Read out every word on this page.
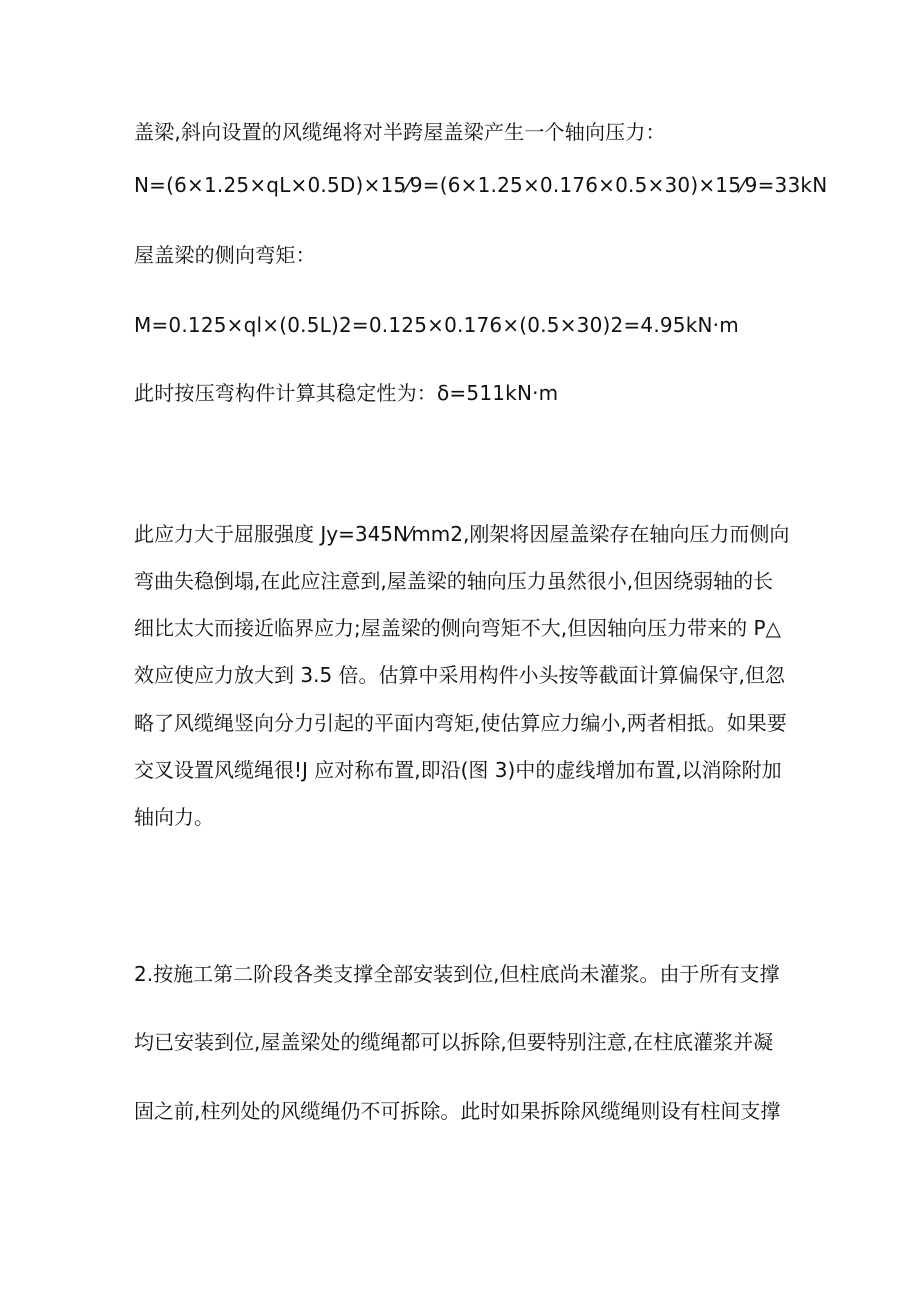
盖梁,斜向设置的风缆绳将对半跨屋盖梁产生一个轴向压力：
N=(6×1.25×qL×0.5D)×15⁄9=(6×1.25×0.176×0.5×30)×15⁄9=33kN
屋盖梁的侧向弯矩：
M=0.125×ql×(0.5L)2=0.125×0.176×(0.5×30)2=4.95kN·m
此时按压弯构件计算其稳定性为：δ=511kN·m
此应力大于屈服强度 Jy=345N⁄mm2,刚架将因屋盖梁存在轴向压力而侧向
弯曲失稳倒塌,在此应注意到,屋盖梁的轴向压力虽然很小,但因绕弱轴的长
细比太大而接近临界应力;屋盖梁的侧向弯矩不大,但因轴向压力带来的 P△
效应使应力放大到 3.5 倍。估算中采用构件小头按等截面计算偏保守,但忽
略了风缆绳竖向分力引起的平面内弯矩,使估算应力编小,两者相抵。如果要
交叉设置风缆绳很!J 应对称布置,即沿(图 3)中的虚线增加布置,以消除附加
轴向力。
2.按施工第二阶段各类支撑全部安装到位,但柱底尚未灌浆。由于所有支撑
均已安装到位,屋盖梁处的缆绳都可以拆除,但要特别注意,在柱底灌浆并凝
固之前,柱列处的风缆绳仍不可拆除。此时如果拆除风缆绳则设有柱间支撑
